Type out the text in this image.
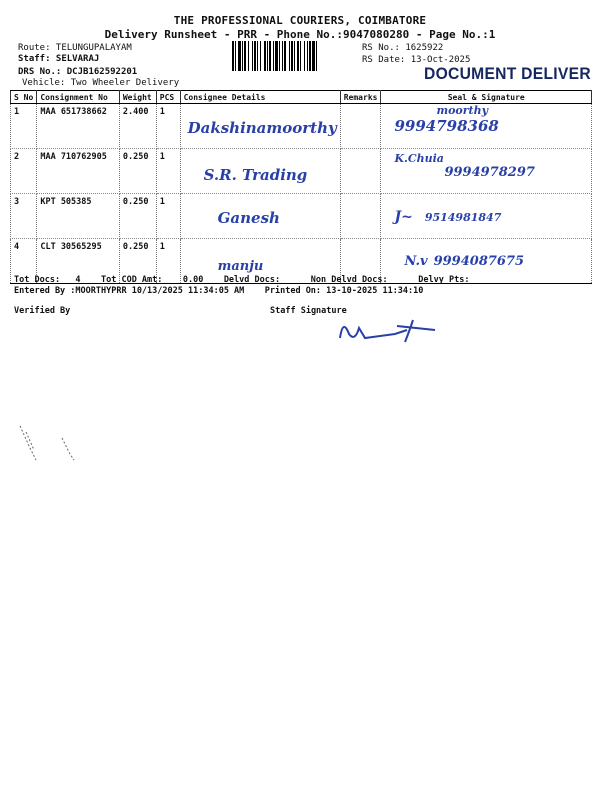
THE PROFESSIONAL COURIERS, COIMBATORE
Delivery Runsheet - PRR - Phone No.:9047080280 - Page No.:1
Route: TELUNGUPALAYAM
Staff: SELVARAJ
DRS No.: DCJB162592201
Vehicle: Two Wheeler Delivery
RS No.: 1625922
RS Date: 13-Oct-2025
DOCUMENT DELIVER
S No	Consignment No	Weight	PCS	Consignee Details	Remarks	Seal & Signature
1	MAA 651738662	2.400	1	Dakshinamoorthy		moorthy
9994798368

2	MAA 710762905	0.250	1	S.R. Trading		K.Chuia
9994978297

3	KPT 505385	0.250	1	Ganesh		J~ 9514981847

4	CLT 30565295	0.250	1	manju		N.v 9994087675
Tot Docs:   4    Tot COD Amt:    0.00    Delvd Docs:      Non Delvd Docs:      Delvy Pts:
Entered By :MOORTHYPRR 10/13/2025 11:34:05 AM    Printed On: 13-10-2025 11:34:10
Verified By	Staff Signature
